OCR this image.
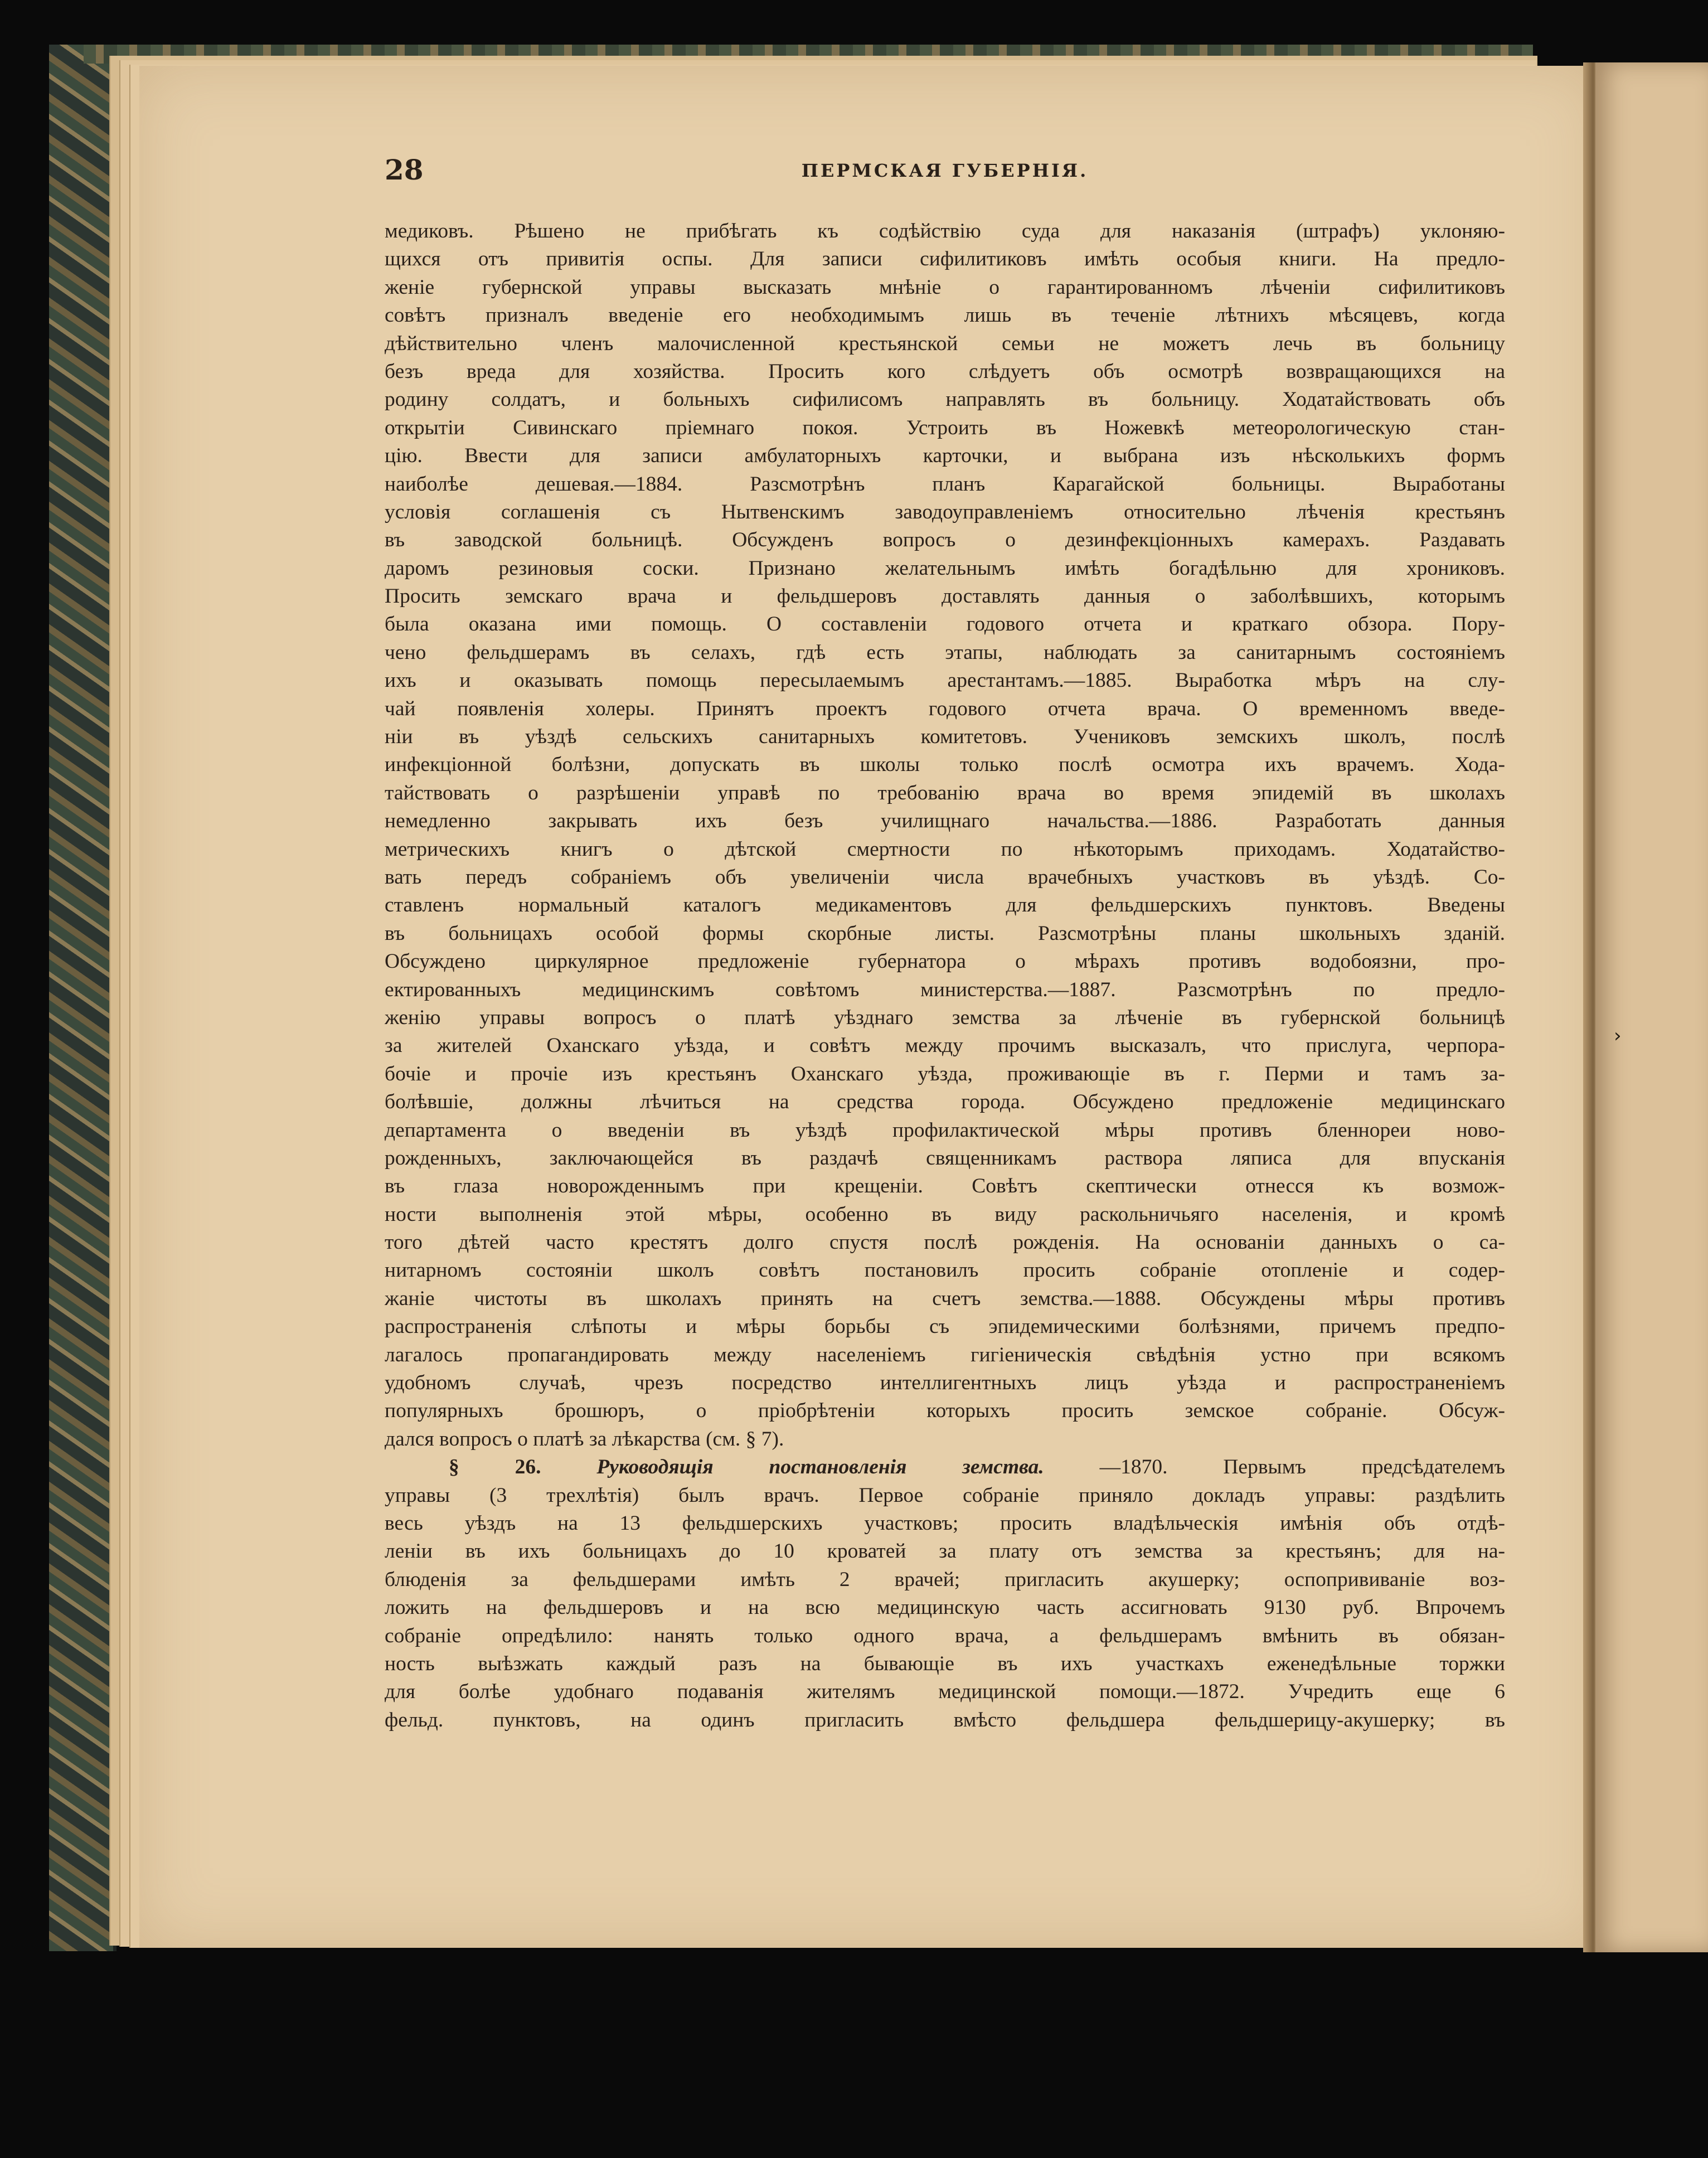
28	ПЕРМСКАЯ ГУБЕРНІЯ.
медиковъ. Рѣшено не прибѣгать къ содѣйствію суда для наказанія (штрафъ) уклоняю-
щихся отъ привитія оспы. Для записи сифилитиковъ имѣть особыя книги. На предло-
женіе губернской управы высказать мнѣніе о гарантированномъ лѣченіи сифилитиковъ
совѣтъ призналъ введеніе его необходимымъ лишь въ теченіе лѣтнихъ мѣсяцевъ, когда
дѣйствительно членъ малочисленной крестьянской семьи не можетъ лечь въ больницу
безъ вреда для хозяйства. Просить кого слѣдуетъ объ осмотрѣ возвращающихся на
родину солдатъ, и больныхъ сифилисомъ направлять въ больницу. Ходатайствовать объ
открытіи Сивинскаго пріемнаго покоя. Устроить въ Ножевкѣ метеорологическую стан-
цію. Ввести для записи амбулаторныхъ карточки, и выбрана изъ нѣсколькихъ формъ
наиболѣе дешевая.—1884. Разсмотрѣнъ планъ Карагайской больницы. Выработаны
условія соглашенія съ Нытвенскимъ заводоуправленіемъ относительно лѣченія крестьянъ
въ заводской больницѣ. Обсужденъ вопросъ о дезинфекціонныхъ камерахъ. Раздавать
даромъ резиновыя соски. Признано желательнымъ имѣть богадѣльню для хрониковъ.
Просить земскаго врача и фельдшеровъ доставлять данныя о заболѣвшихъ, которымъ
была оказана ими помощь. О составленіи годового отчета и краткаго обзора. Пору-
чено фельдшерамъ въ селахъ, гдѣ есть этапы, наблюдать за санитарнымъ состояніемъ
ихъ и оказывать помощь пересылаемымъ арестантамъ.—1885. Выработка мѣръ на слу-
чай появленія холеры. Принятъ проектъ годового отчета врача. О временномъ введе-
ніи въ уѣздѣ сельскихъ санитарныхъ комитетовъ. Учениковъ земскихъ школъ, послѣ
инфекціонной болѣзни, допускать въ школы только послѣ осмотра ихъ врачемъ. Хода-
тайствовать о разрѣшеніи управѣ по требованію врача во время эпидемій въ школахъ
немедленно закрывать ихъ безъ училищнаго начальства.—1886. Разработать данныя
метрическихъ книгъ о дѣтской смертности по нѣкоторымъ приходамъ. Ходатайство-
вать передъ собраніемъ объ увеличеніи числа врачебныхъ участковъ въ уѣздѣ. Со-
ставленъ нормальный каталогъ медикаментовъ для фельдшерскихъ пунктовъ. Введены
въ больницахъ особой формы скорбные листы. Разсмотрѣны планы школьныхъ зданій.
Обсуждено циркулярное предложеніе губернатора о мѣрахъ противъ водобоязни, про-
ектированныхъ медицинскимъ совѣтомъ министерства.—1887. Разсмотрѣнъ по предло-
женію управы вопросъ о платѣ уѣзднаго земства за лѣченіе въ губернской больницѣ
за жителей Оханскаго уѣзда, и совѣтъ между прочимъ высказалъ, что прислуга, черпора-
бочіе и прочіе изъ крестьянъ Оханскаго уѣзда, проживающіе въ г. Перми и тамъ за-
болѣвшіе, должны лѣчиться на средства города. Обсуждено предложеніе медицинскаго
департамента о введеніи въ уѣздѣ профилактической мѣры противъ бленнореи ново-
рожденныхъ, заключающейся въ раздачѣ священникамъ раствора ляписа для впусканія
въ глаза новорожденнымъ при крещеніи. Совѣтъ скептически отнесся къ возмож-
ности выполненія этой мѣры, особенно въ виду раскольничьяго населенія, и кромѣ
того дѣтей часто крестятъ долго спустя послѣ рожденія. На основаніи данныхъ о са-
нитарномъ состояніи школъ совѣтъ постановилъ просить собраніе отопленіе и содер-
жаніе чистоты въ школахъ принять на счетъ земства.—1888. Обсуждены мѣры противъ
распространенія слѣпоты и мѣры борьбы съ эпидемическими болѣзнями, причемъ предпо-
лагалось пропагандировать между населеніемъ гигіеническія свѣдѣнія устно при всякомъ
удобномъ случаѣ, чрезъ посредство интеллигентныхъ лицъ уѣзда и распространеніемъ
популярныхъ брошюръ, о пріобрѣтеніи которыхъ просить земское собраніе. Обсуж-
дался вопросъ о платѣ за лѣкарства (см. § 7).
§ 26.	Руководящія постановленія земства.	—1870. Первымъ предсѣдателемъ
управы (3 трехлѣтія) былъ врачъ. Первое собраніе приняло докладъ управы: раздѣлить
весь уѣздъ на 13 фельдшерскихъ участковъ; просить владѣльческія имѣнія объ отдѣ-
леніи въ ихъ больницахъ до 10 кроватей за плату отъ земства за крестьянъ; для на-
блюденія за фельдшерами имѣть 2 врачей; пригласить акушерку; оспопрививаніе воз-
ложить на фельдшеровъ и на всю медицинскую часть ассигновать 9130 руб. Впрочемъ
собраніе опредѣлило: нанять только одного врача, а фельдшерамъ вмѣнить въ обязан-
ность выѣзжать каждый разъ на бывающіе въ ихъ участкахъ еженедѣльные торжки
для болѣе удобнаго подаванія жителямъ медицинской помощи.—1872. Учредить еще 6
фельд. пунктовъ, на одинъ пригласить вмѣсто фельдшера фельдшерицу-акушерку; въ
›
